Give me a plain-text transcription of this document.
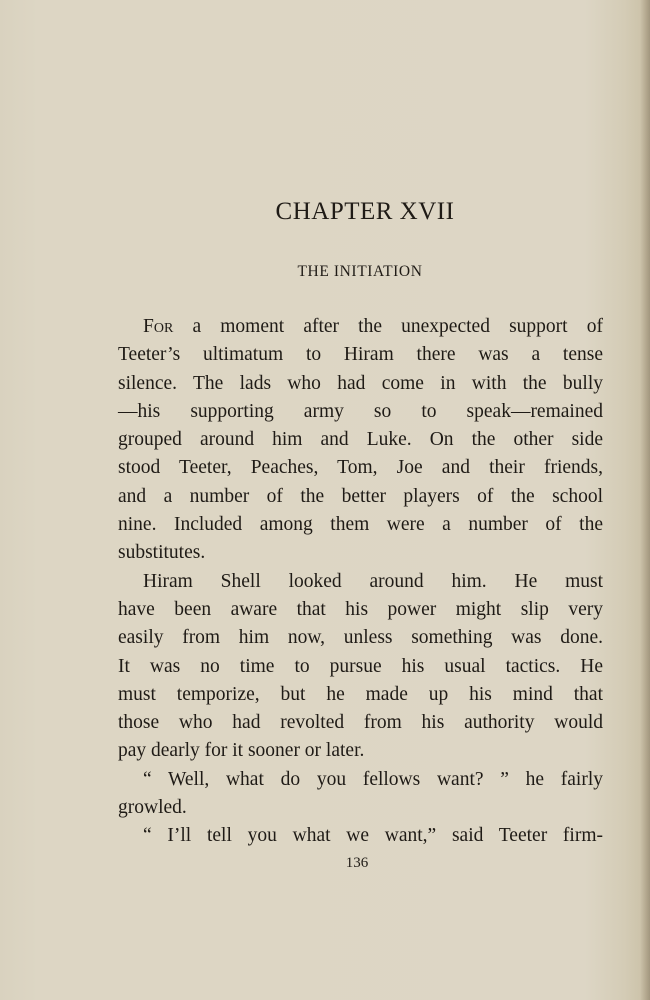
CHAPTER XVII
THE INITIATION
For a moment after the unexpected support of
Teeter’s ultimatum to Hiram there was a tense
silence. The lads who had come in with the bully
—his supporting army so to speak—remained
grouped around him and Luke. On the other side
stood Teeter, Peaches, Tom, Joe and their friends,
and a number of the better players of the school
nine. Included among them were a number of the
substitutes.
Hiram Shell looked around him. He must
have been aware that his power might slip very
easily from him now, unless something was done.
It was no time to pursue his usual tactics. He
must temporize, but he made up his mind that
those who had revolted from his authority would
pay dearly for it sooner or later.
“ Well, what do you fellows want? ” he fairly
growled.
“ I’ll tell you what we want,” said Teeter firm-
136
